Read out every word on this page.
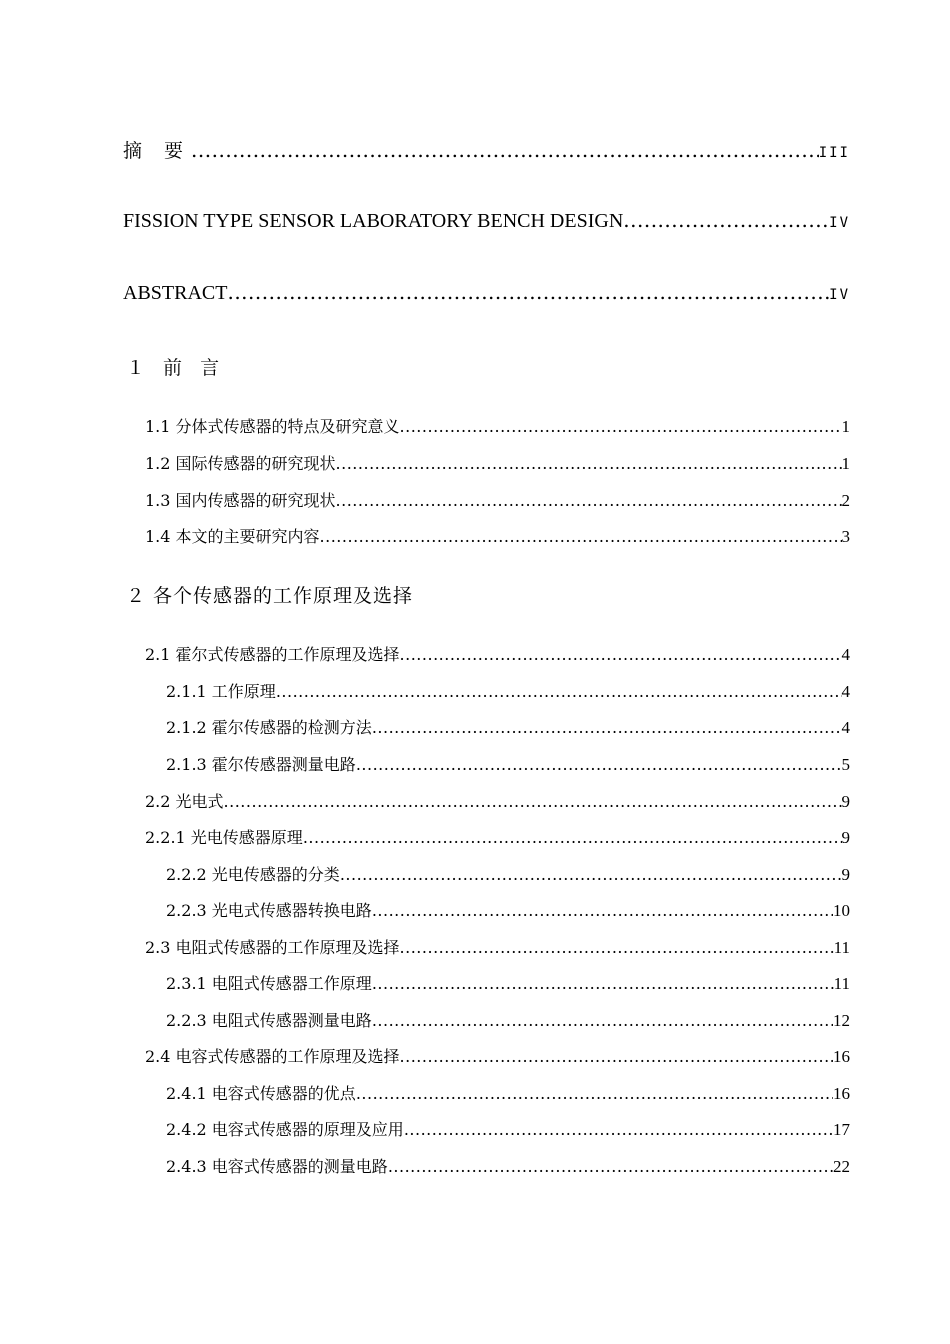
摘 要 .....	III
FISSION TYPE SENSOR LABORATORY BENCH DESIGN .....	IV
ABSTRACT .....	IV
１ 前 言
1.1 分体式传感器的特点及研究意义 .....	1
1.2 国际传感器的研究现状 .....	1
1.3 国内传感器的研究现状 .....	2
1.4 本文的主要研究内容 .....	3
２ 各个传感器的工作原理及选择
2.1 霍尔式传感器的工作原理及选择 .....	4
2.1.1 工作原理 .....	4
2.1.2 霍尔传感器的检测方法 .....	4
2.1.3 霍尔传感器测量电路 .....	5
2.2 光电式 .....	9
2.2.1 光电传感器原理 .....	9
2.2.2 光电传感器的分类 .....	9
2.2.3 光电式传感器转换电路 .....	10
2.3 电阻式传感器的工作原理及选择 .....	11
2.3.1 电阻式传感器工作原理 .....	11
2.2.3 电阻式传感器测量电路 .....	12
2.4 电容式传感器的工作原理及选择 .....	16
2.4.1 电容式传感器的优点 .....	16
2.4.2 电容式传感器的原理及应用 .....	17
2.4.3 电容式传感器的测量电路 .....	22
